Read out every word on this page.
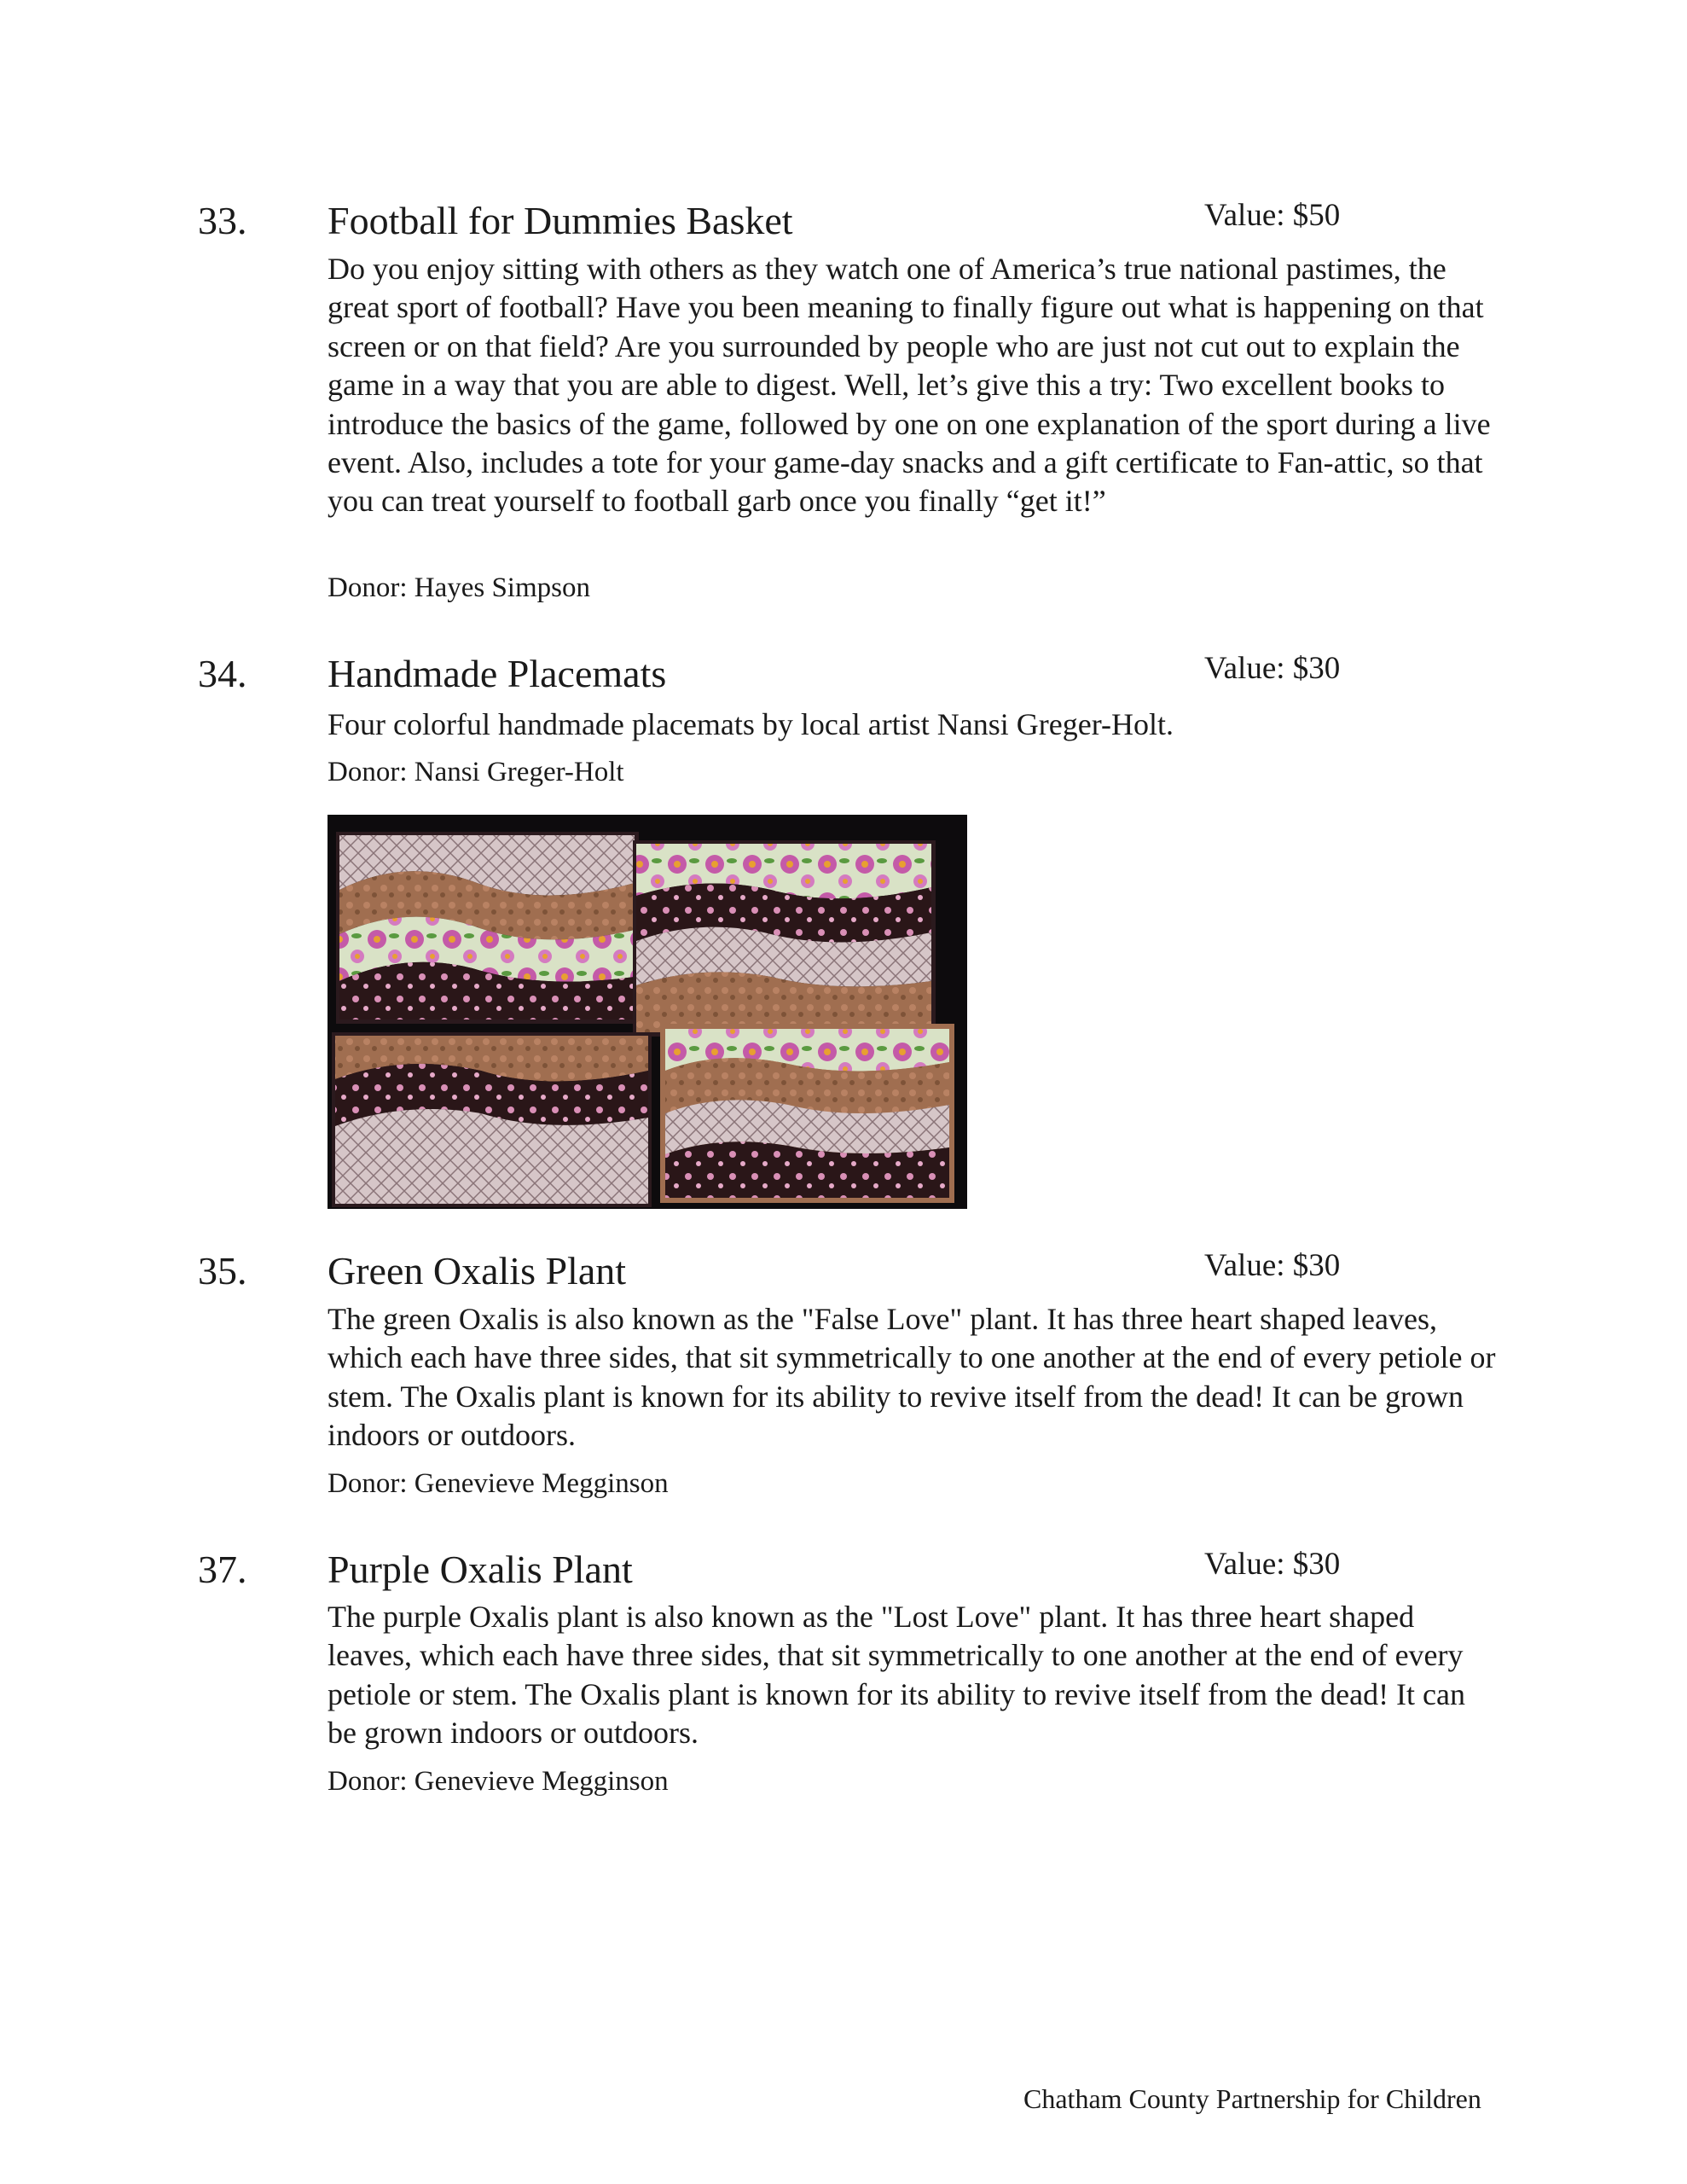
33. Football for Dummies Basket	Value: $50

Do you enjoy sitting with others as they watch one of America’s true national pastimes, the great sport of football? Have you been meaning to finally figure out what is happening on that screen or on that field? Are you surrounded by people who are just not cut out to explain the game in a way that you are able to digest. Well, let’s give this a try: Two excellent books to introduce the basics of the game, followed by one on one explanation of the sport during a live event. Also, includes a tote for your game-day snacks and a gift certificate to Fan-attic, so that you can treat yourself to football garb once you finally “get it!”

Donor: Hayes Simpson
34. Handmade Placemats	Value: $30

Four colorful handmade placemats by local artist Nansi Greger-Holt.

Donor: Nansi Greger-Holt
35. Green Oxalis Plant	Value: $30

The green Oxalis is also known as the "False Love" plant. It has three heart shaped leaves, which each have three sides, that sit symmetrically to one another at the end of every petiole or stem. The Oxalis plant is known for its ability to revive itself from the dead! It can be grown indoors or outdoors.

Donor: Genevieve Megginson
37. Purple Oxalis Plant	Value: $30

The purple Oxalis plant is also known as the "Lost Love" plant. It has three heart shaped leaves, which each have three sides, that sit symmetrically to one another at the end of every petiole or stem. The Oxalis plant is known for its ability to revive itself from the dead! It can be grown indoors or outdoors.

Donor: Genevieve Megginson
Chatham County Partnership for Children
